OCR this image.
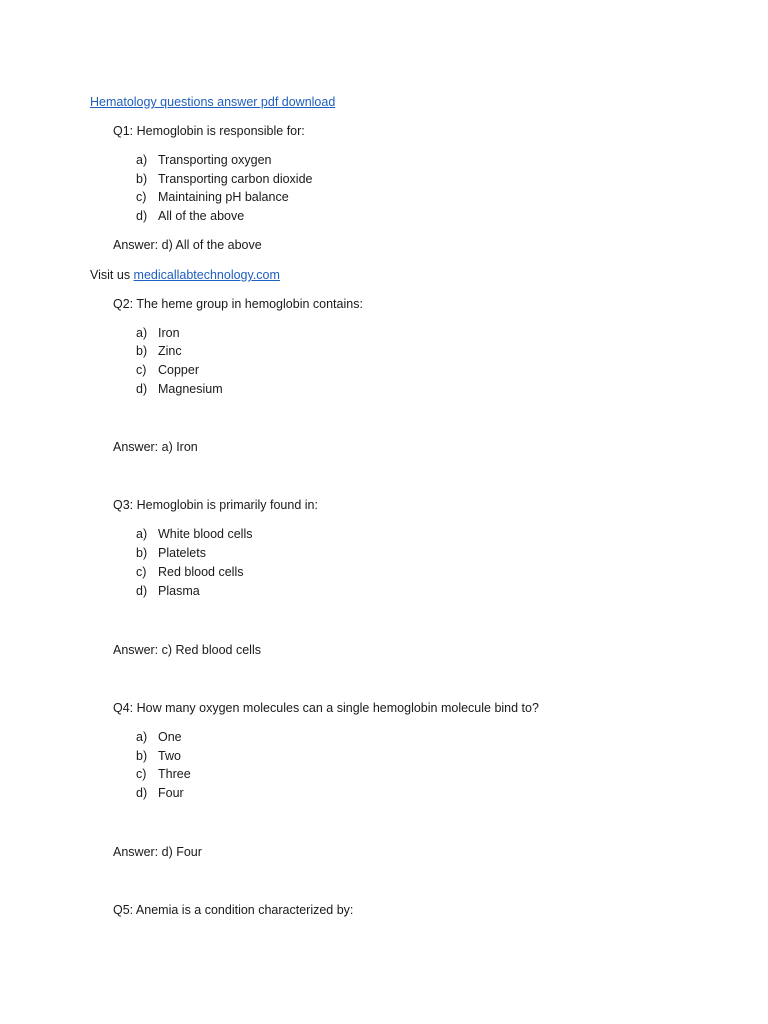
Hematology questions answer pdf download
Q1: Hemoglobin is responsible for:
a) Transporting oxygen
b) Transporting carbon dioxide
c) Maintaining pH balance
d) All of the above
Answer: d) All of the above
Visit us medicallabtechnology.com
Q2: The heme group in hemoglobin contains:
a) Iron
b) Zinc
c) Copper
d) Magnesium
Answer: a) Iron
Q3: Hemoglobin is primarily found in:
a) White blood cells
b) Platelets
c) Red blood cells
d) Plasma
Answer: c) Red blood cells
Q4: How many oxygen molecules can a single hemoglobin molecule bind to?
a) One
b) Two
c) Three
d) Four
Answer: d) Four
Q5: Anemia is a condition characterized by:
